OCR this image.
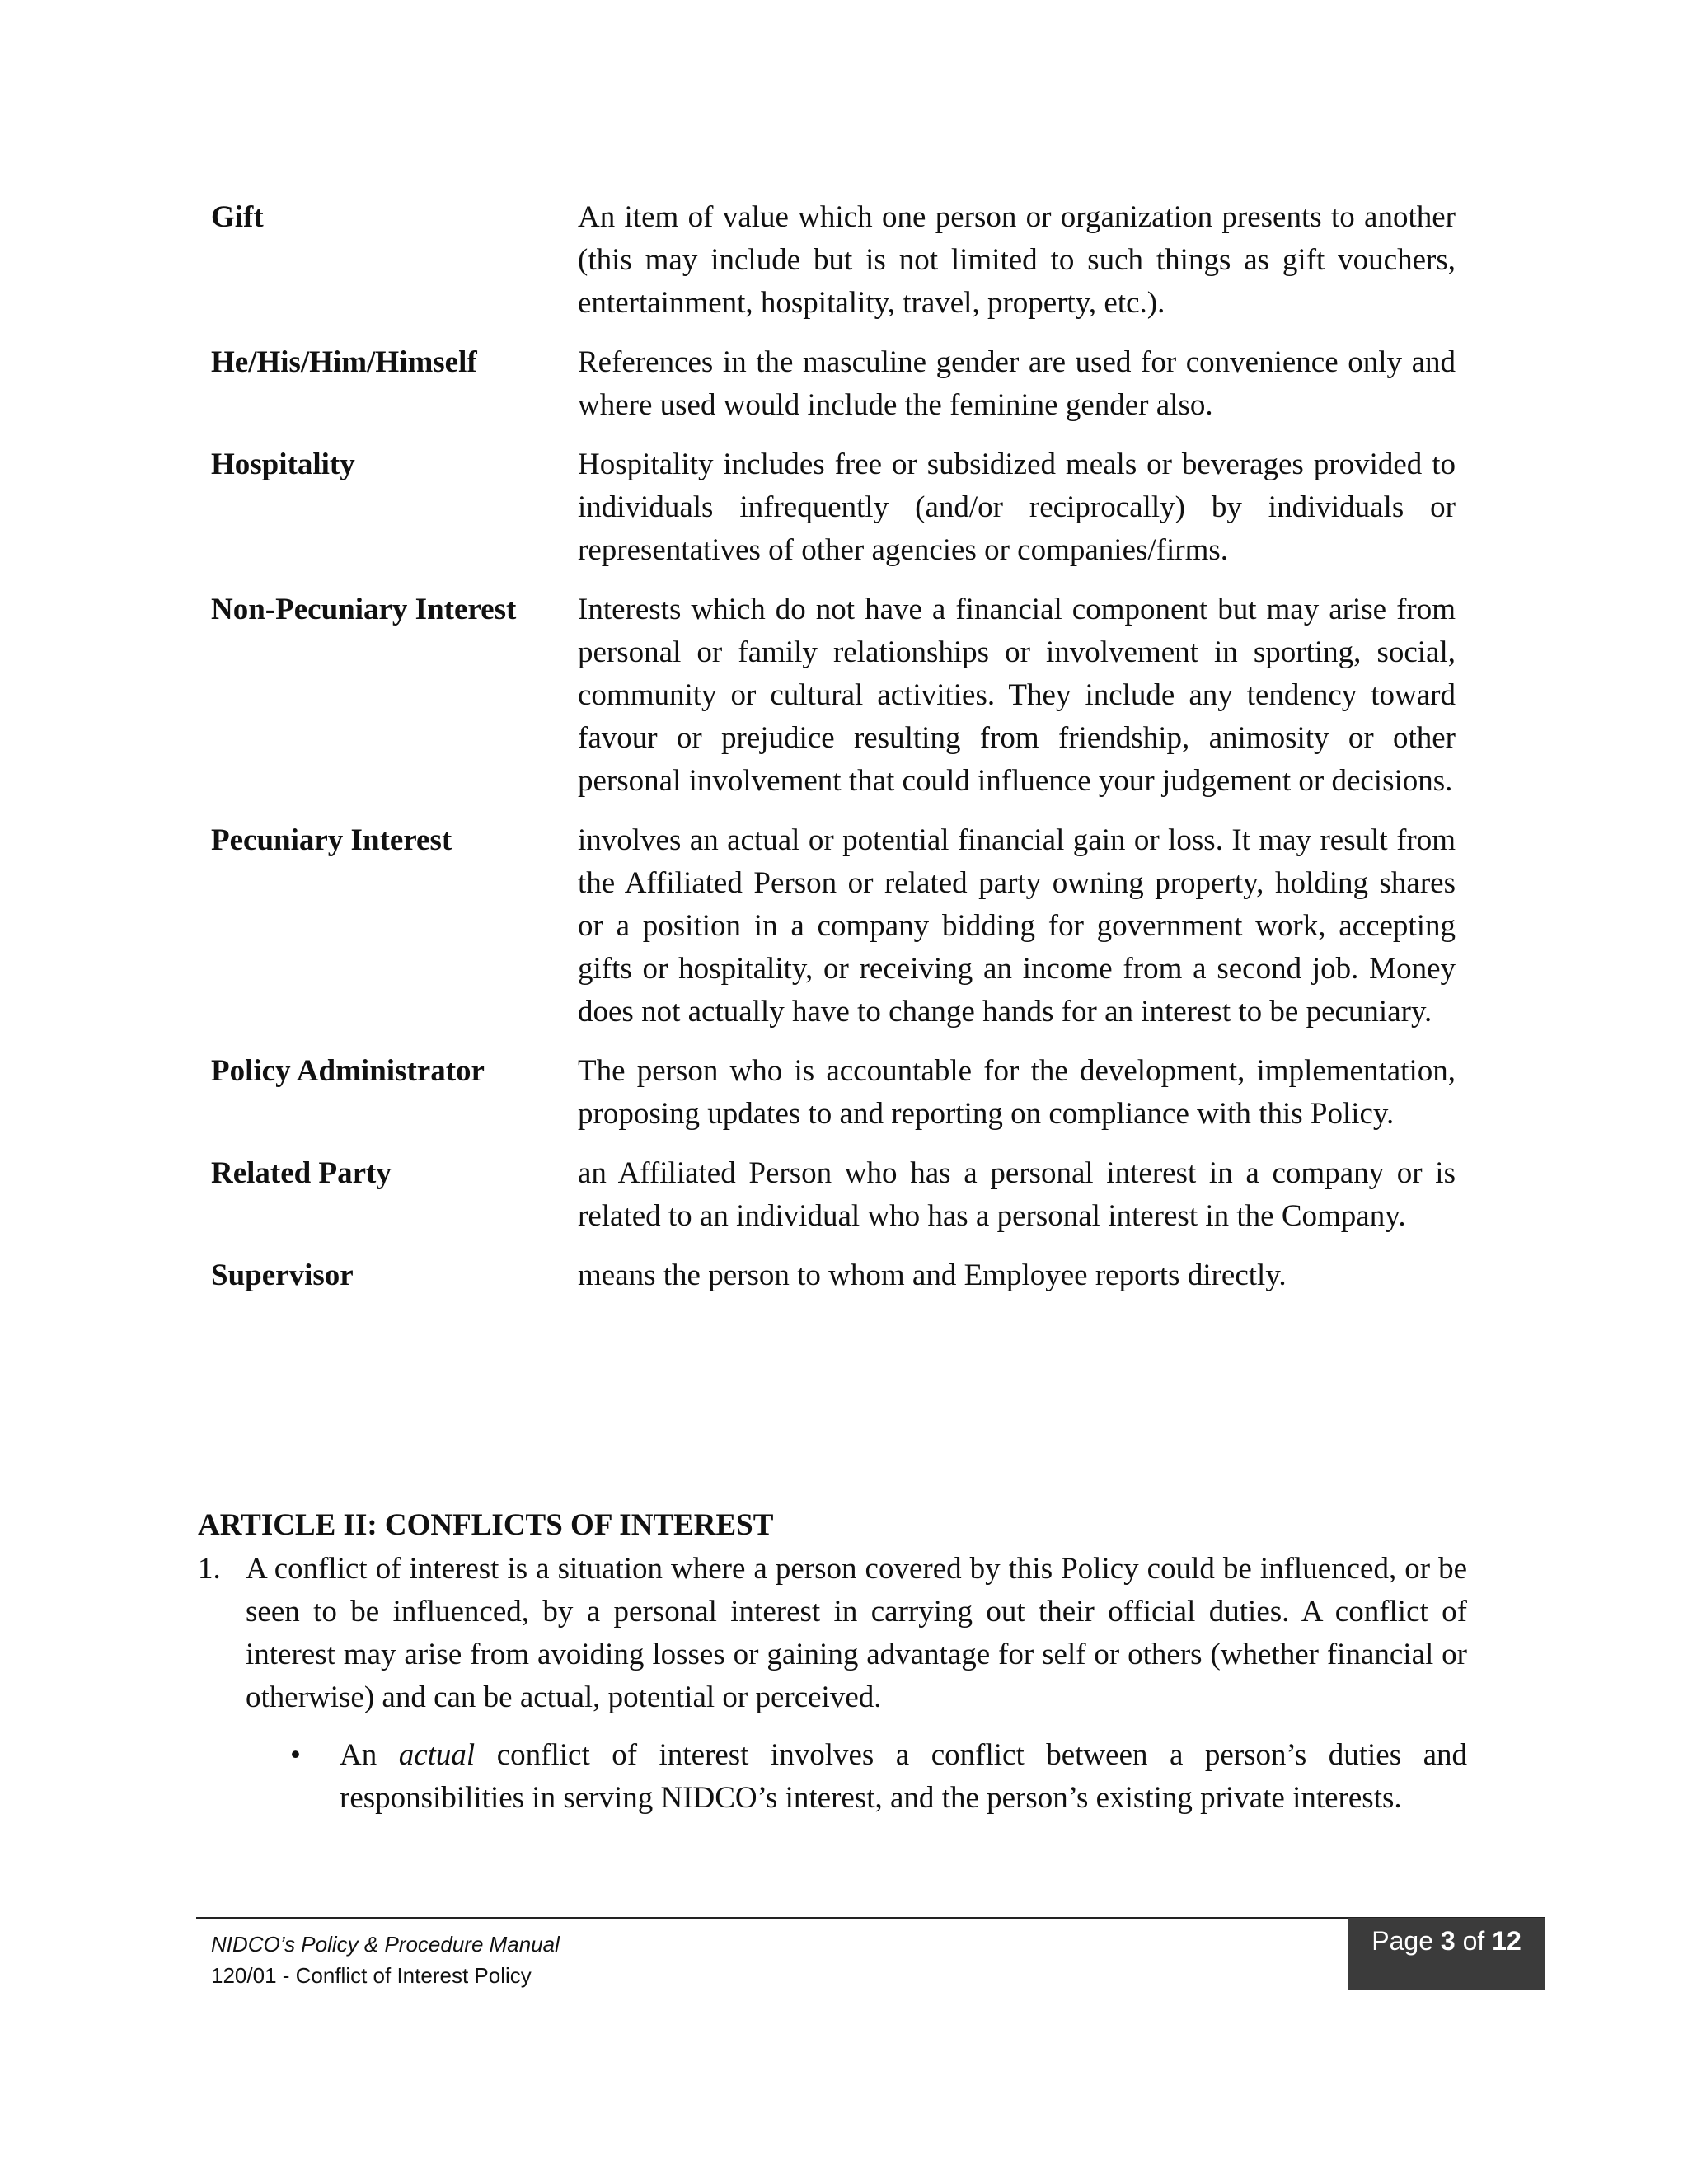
Gift	An item of value which one person or organization presents to another (this may include but is not limited to such things as gift vouchers, entertainment, hospitality, travel, property, etc.).
He/His/Him/Himself	References in the masculine gender are used for convenience only and where used would include the feminine gender also.
Hospitality	Hospitality includes free or subsidized meals or beverages provided to individuals infrequently (and/or reciprocally) by individuals or representatives of other agencies or companies/firms.
Non-Pecuniary Interest	Interests which do not have a financial component but may arise from personal or family relationships or involvement in sporting, social, community or cultural activities. They include any tendency toward favour or prejudice resulting from friendship, animosity or other personal involvement that could influence your judgement or decisions.
Pecuniary Interest	involves an actual or potential financial gain or loss. It may result from the Affiliated Person or related party owning property, holding shares or a position in a company bidding for government work, accepting gifts or hospitality, or receiving an income from a second job. Money does not actually have to change hands for an interest to be pecuniary.
Policy Administrator	The person who is accountable for the development, implementation, proposing updates to and reporting on compliance with this Policy.
Related Party	an Affiliated Person who has a personal interest in a company or is related to an individual who has a personal interest in the Company.
Supervisor	means the person to whom and Employee reports directly.
ARTICLE II: CONFLICTS OF INTEREST
1. A conflict of interest is a situation where a person covered by this Policy could be influenced, or be seen to be influenced, by a personal interest in carrying out their official duties. A conflict of interest may arise from avoiding losses or gaining advantage for self or others (whether financial or otherwise) and can be actual, potential or perceived.
•	An actual conflict of interest involves a conflict between a person’s duties and responsibilities in serving NIDCO’s interest, and the person’s existing private interests.
NIDCO’s Policy & Procedure Manual
120/01 - Conflict of Interest Policy
Page 3 of 12
